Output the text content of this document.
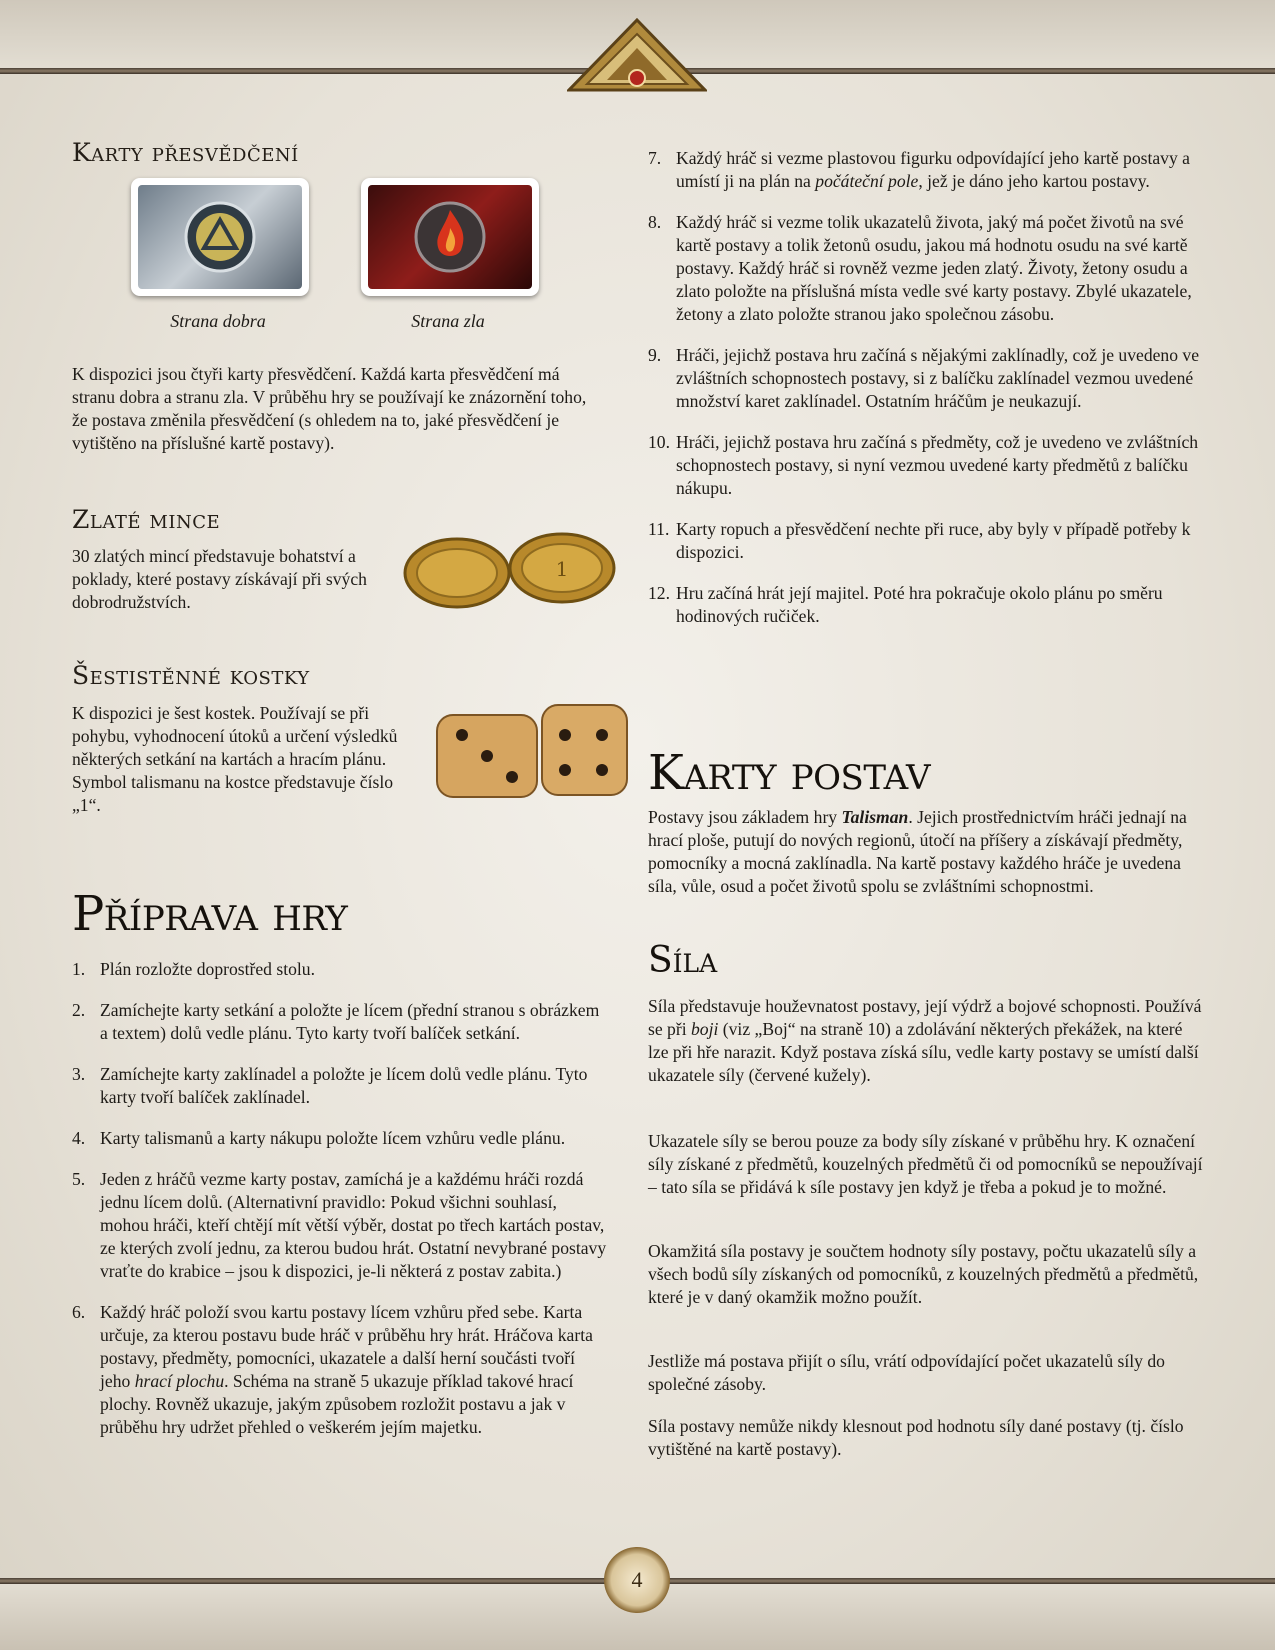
Karty přesvědčení
Strana dobra	Strana zla

K dispozici jsou čtyři karty přesvědčení. Každá karta přesvědčení má stranu dobra a stranu zla. V průběhu hry se používají ke znázornění toho, že postava změnila přesvědčení (s ohledem na to, jaké přesvědčení je vytištěno na příslušné kartě postavy).

Zlaté mince

30 zlatých mincí představuje bohatství a poklady, které postavy získávají při svých dobrodružstvích.

1
Šestistěnné kostky

K dispozici je šest kostek. Používají se při pohybu, vyhodnocení útoků a určení výsledků některých setkání na kartách a hracím plánu. Symbol talismanu na kostce představuje číslo „1“.

Příprava hry
1. Plán rozložte doprostřed stolu.
2. Zamíchejte karty setkání a položte je lícem (přední stranou s obrázkem a textem) dolů vedle plánu. Tyto karty tvoří balíček setkání.
3. Zamíchejte karty zaklínadel a položte je lícem dolů vedle plánu. Tyto karty tvoří balíček zaklínadel.
4. Karty talismanů a karty nákupu položte lícem vzhůru vedle plánu.
5. Jeden z hráčů vezme karty postav, zamíchá je a každému hráči rozdá jednu lícem dolů. (Alternativní pravidlo: Pokud všichni souhlasí, mohou hráči, kteří chtějí mít větší výběr, dostat po třech kartách postav, ze kterých zvolí jednu, za kterou budou hrát. Ostatní nevybrané postavy vraťte do krabice – jsou k dispozici, je-li některá z postav zabita.)
6. Každý hráč položí svou kartu postavy lícem vzhůru před sebe. Karta určuje, za kterou postavu bude hráč v průběhu hry hrát. Hráčova karta postavy, předměty, pomocníci, ukazatele a další herní součásti tvoří jeho hrací plochu. Schéma na straně 5 ukazuje příklad takové hrací plochy. Rovněž ukazuje, jakým způsobem rozložit postavu a jak v průběhu hry udržet přehled o veškerém jejím majetku.
7. Každý hráč si vezme plastovou figurku odpovídající jeho kartě postavy a umístí ji na plán na počáteční pole, jež je dáno jeho kartou postavy.
8. Každý hráč si vezme tolik ukazatelů života, jaký má počet životů na své kartě postavy a tolik žetonů osudu, jakou má hodnotu osudu na své kartě postavy. Každý hráč si rovněž vezme jeden zlatý. Životy, žetony osudu a zlato položte na příslušná místa vedle své karty postavy. Zbylé ukazatele, žetony a zlato položte stranou jako společnou zásobu.
9. Hráči, jejichž postava hru začíná s nějakými zaklínadly, což je uvedeno ve zvláštních schopnostech postavy, si z balíčku zaklínadel vezmou uvedené množství karet zaklínadel. Ostatním hráčům je neukazují.
10. Hráči, jejichž postava hru začíná s předměty, což je uvedeno ve zvláštních schopnostech postavy, si nyní vezmou uvedené karty předmětů z balíčku nákupu.
11. Karty ropuch a přesvědčení nechte při ruce, aby byly v případě potřeby k dispozici.
12. Hru začíná hrát její majitel. Poté hra pokračuje okolo plánu po směru hodinových ručiček.
Karty postav

Postavy jsou základem hry Talisman. Jejich prostřednictvím hráči jednají na hrací ploše, putují do nových regionů, útočí na příšery a získávají předměty, pomocníky a mocná zaklínadla. Na kartě postavy každého hráče je uvedena síla, vůle, osud a počet životů spolu se zvláštními schopnostmi.

Síla

Síla představuje houževnatost postavy, její výdrž a bojové schopnosti. Používá se při boji (viz „Boj“ na straně 10) a zdolávání některých překážek, na které lze při hře narazit. Když postava získá sílu, vedle karty postavy se umístí další ukazatele síly (červené kužely).

Ukazatele síly se berou pouze za body síly získané v průběhu hry. K označení síly získané z předmětů, kouzelných předmětů či od pomocníků se nepoužívají – tato síla se přidává k síle postavy jen když je třeba a pokud je to možné.

Okamžitá síla postavy je součtem hodnoty síly postavy, počtu ukazatelů síly a všech bodů síly získaných od pomocníků, z kouzelných předmětů a předmětů, které je v daný okamžik možno použít.

Jestliže má postava přijít o sílu, vrátí odpovídající počet ukazatelů síly do společné zásoby.

Síla postavy nemůže nikdy klesnout pod hodnotu síly dané postavy (tj. číslo vytištěné na kartě postavy).

4
